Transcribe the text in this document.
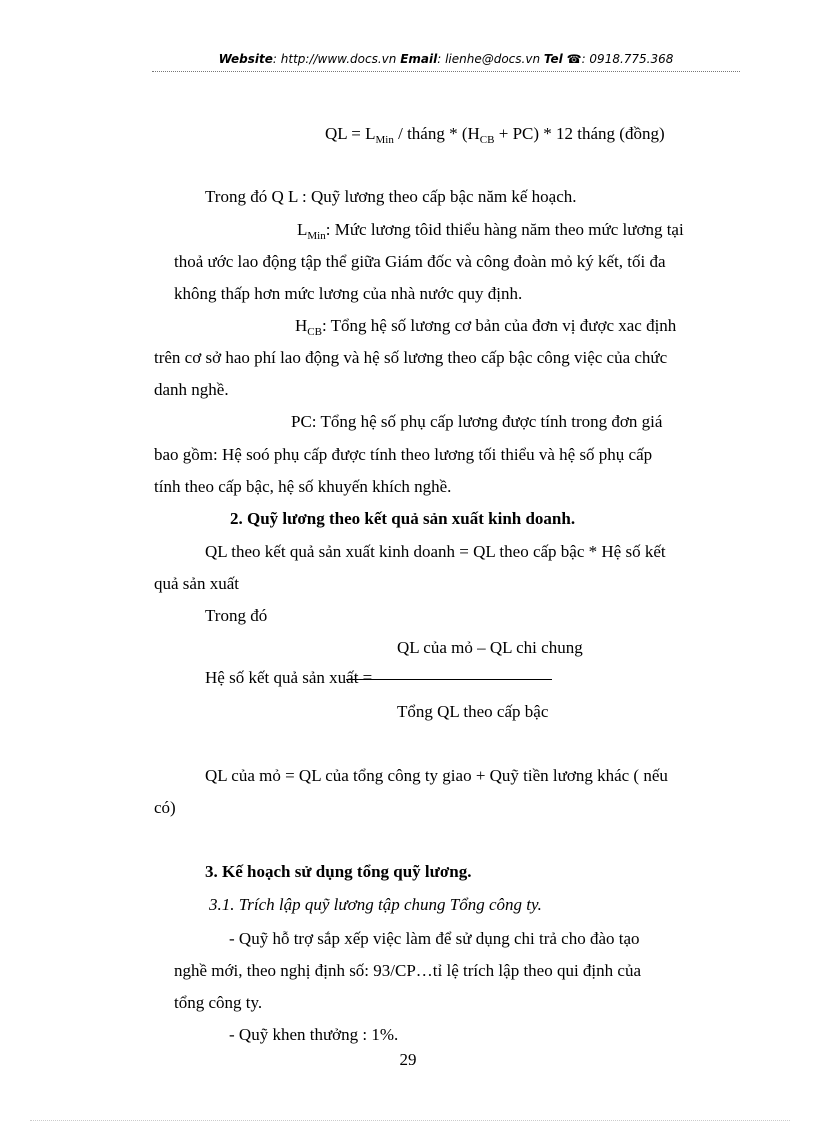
Website: http://www.docs.vn Email: lienhe@docs.vn Tel ☎: 0918.775.368
QL = $L_{Min}$ / tháng * $(H_{CB} + PC) * 12$ tháng (đồng)
Trong đó Q L : Quỹ lương theo cấp bậc năm kế hoạch.
$L_{Min}$: Mức lương tôid thiểu hàng năm theo mức lương tại
thoả ước lao động tập thể giữa Giám đốc và công đoàn mỏ ký kết, tối đa
không thấp hơn mức lương của nhà nước quy định.
$H_{CB}$: Tổng hệ số lương cơ bản của đơn vị được xac định
trên cơ sở hao phí lao động và hệ số lương theo cấp bậc công việc của chức
danh nghề.
PC: Tổng hệ số phụ cấp lương được tính trong đơn giá
bao gồm: Hệ soó phụ cấp được tính theo lương tối thiểu và hệ số phụ cấp
tính theo cấp bậc, hệ số khuyến khích nghề.
2. Quỹ lương theo kết quả sản xuất kinh doanh.
QL theo kết quả sản xuất kinh doanh = QL theo cấp bậc * Hệ số kết
quả sản xuất
Trong đó
QL của mỏ – QL chi chung
Hệ số kết quả sản xuất =
Tổng QL theo cấp bậc
QL của mỏ = QL của tổng công ty giao + Quỹ tiền lương khác ( nếu
có)
3. Kế hoạch sử dụng tổng quỹ lương.
3.1. Trích lập quỹ lương tập chung Tổng công ty.
- Quỹ hỗ trợ sắp xếp việc làm để sử dụng chi trả cho đào tạo
nghề mới, theo nghị định số: 93/CP…tỉ lệ trích lập theo qui định của
tổng công ty.
- Quỹ khen thưởng : 1%.
29
